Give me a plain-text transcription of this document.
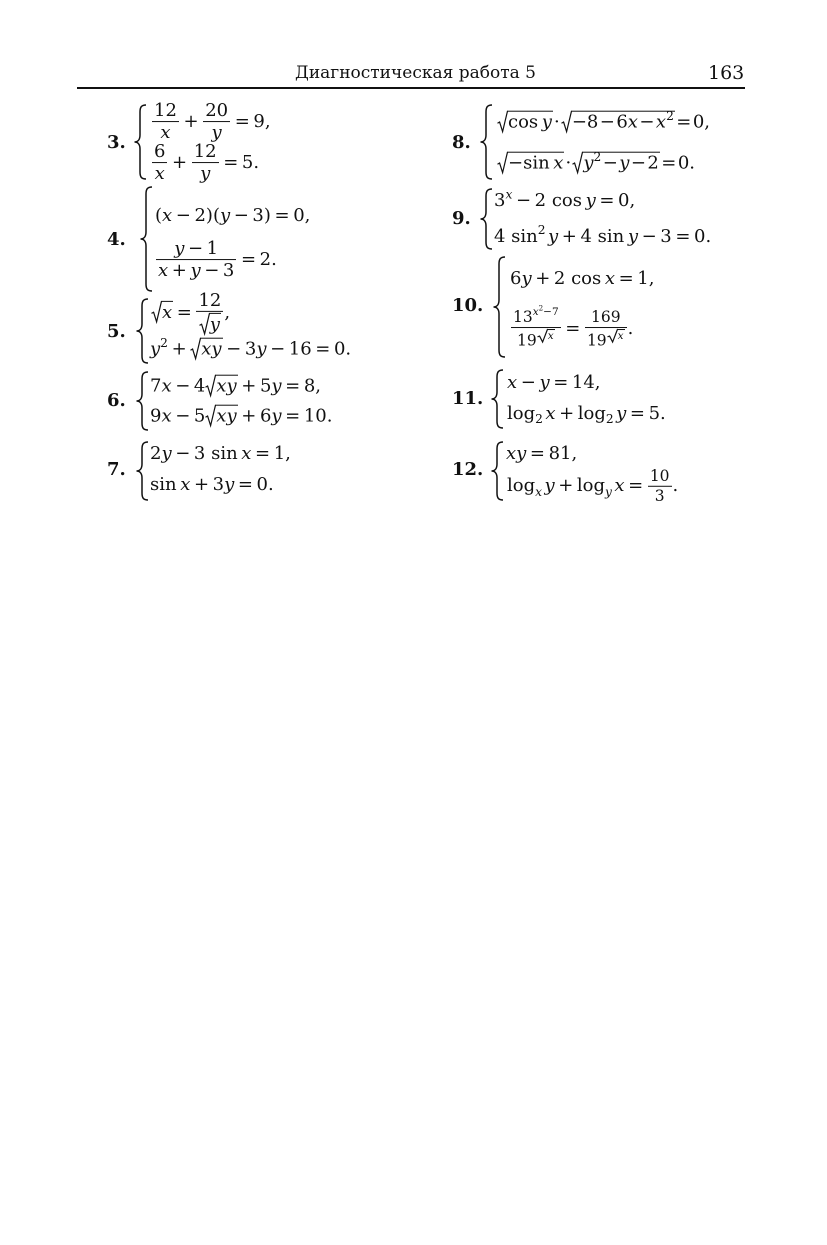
Диагностическая работа 5	163
3. $\frac{12}{x} + \frac{20}{y} = 9$,
$\frac{6}{x} + \frac{12}{y} = 5$.
4.
(x − 2)(y − 3) = 0,
$\frac{y - 1}{x + y - 3} = 2$.
5.
$x = \frac{12}{y}$ ,
$y^2$ + xy − 3y − 16 = 0.
6.
7x − 4 xy + 5y = 8,
9x − 5 xy + 6y = 10.
7.
2y − 3 sin x = 1,
sin x + 3y = 0.
8.
$\cos y \cdot -8-6x-x^2 =0$,
−sin $x \cdot y^2-y-2 =0$.
9.
$3^x - 2$ cos y = 0,
4 $\sin^2 y + 4$ sin y − 3 = 0.
10.
6y + 2 cos x = 1,
$\frac{13^{x^2-7}}{19 ^x} = \frac{169}{19 ^x}$ .
11.
x − y = 14,
$\log_2 x + \log_2 y = 5$.
12.
xy = 81,
$\log_x y + \log_y x = \frac{10}{3}$ .
